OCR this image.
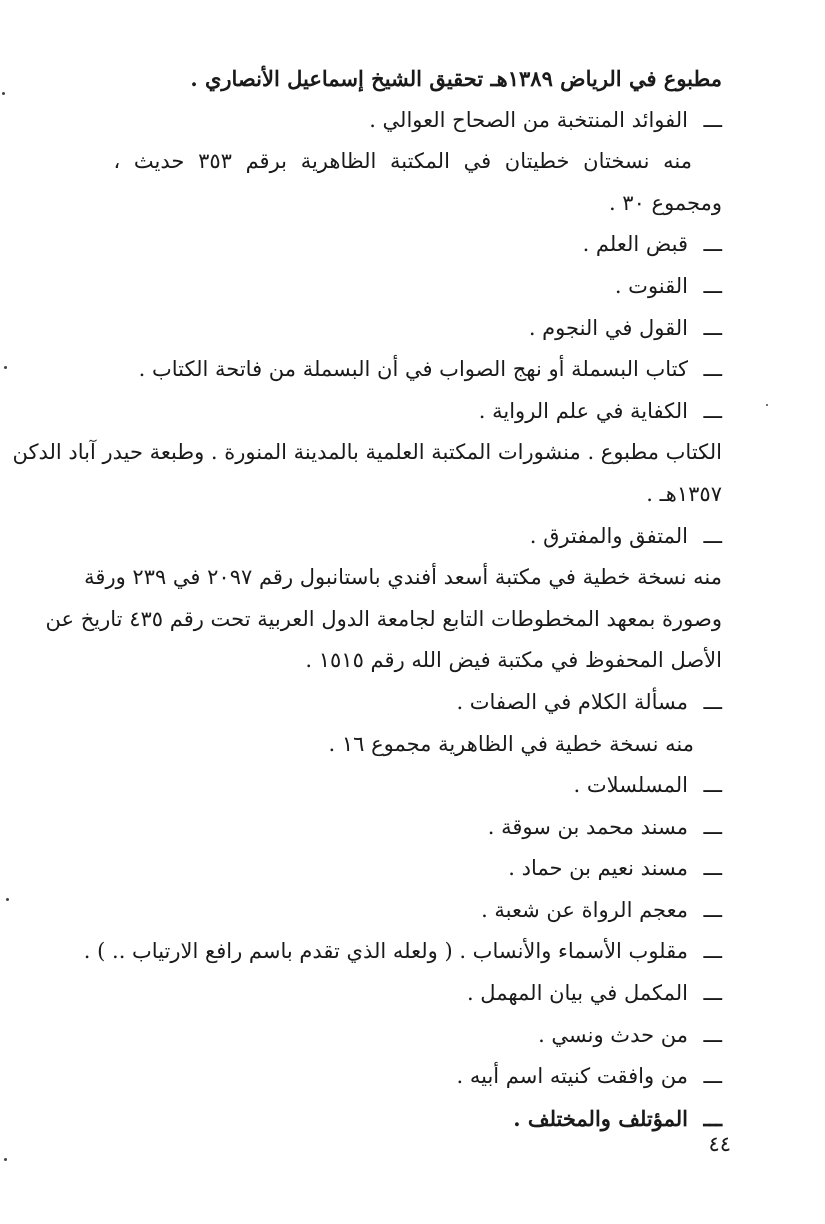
مطبوع في الرياض ١٣٨٩هـ تحقيق الشيخ إسماعيل الأنصاري .
ـــالفوائد المنتخبة من الصحاح العوالي .
منه نسختان خطيتان في المكتبة الظاهرية برقم ٣٥٣ حديث ،
ومجموع ٣٠ .
ـــقبض العلم .
ـــالقنوت .
ـــالقول في النجوم .
ـــكتاب البسملة أو نهج الصواب في أن البسملة من فاتحة الكتاب .
ـــالكفاية في علم الرواية .
الكتاب مطبوع . منشورات المكتبة العلمية بالمدينة المنورة . وطبعة حيدر آباد الدكن
١٣٥٧هـ .
ـــالمتفق والمفترق .
منه نسخة خطية في مكتبة أسعد أفندي باستانبول رقم ٢٠٩٧ في ٢٣٩ ورقة
وصورة بمعهد المخطوطات التابع لجامعة الدول العربية تحت رقم ٤٣٥ تاريخ عن
الأصل المحفوظ في مكتبة فيض الله رقم ١٥١٥ .
ـــمسألة الكلام في الصفات .
منه نسخة خطية في الظاهرية مجموع ١٦ .
ـــالمسلسلات .
ـــمسند محمد بن سوقة .
ـــمسند نعيم بن حماد .
ـــمعجم الرواة عن شعبة .
ـــمقلوب الأسماء والأنساب . ( ولعله الذي تقدم باسم رافع الارتياب .. ) .
ـــالمكمل في بيان المهمل .
ـــمن حدث ونسي .
ـــمن وافقت كنيته اسم أبيه .
ـــالمؤتلف والمختلف .
٤٤
